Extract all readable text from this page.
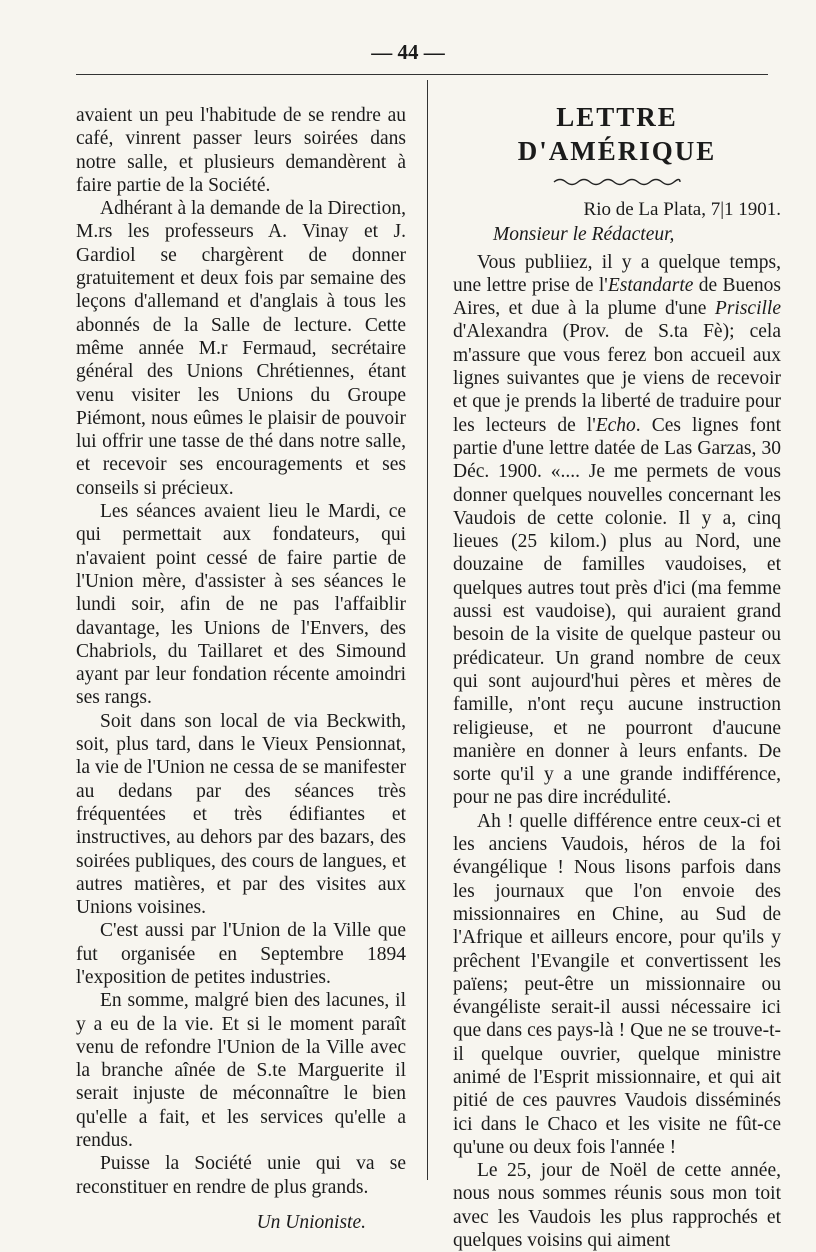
— 44 —

avaient un peu l'habitude de se rendre au café, vinrent passer leurs soirées dans notre salle, et plusieurs demandèrent à faire partie de la Société.

Adhérant à la demande de la Direction, M.rs les professeurs A. Vinay et J. Gardiol se chargèrent de donner gratuitement et deux fois par semaine des leçons d'allemand et d'anglais à tous les abonnés de la Salle de lecture. Cette même année M.r Fermaud, secrétaire général des Unions Chrétiennes, étant venu visiter les Unions du Groupe Piémont, nous eûmes le plaisir de pouvoir lui offrir une tasse de thé dans notre salle, et recevoir ses encouragements et ses conseils si précieux.

Les séances avaient lieu le Mardi, ce qui permettait aux fondateurs, qui n'avaient point cessé de faire partie de l'Union mère, d'assister à ses séances le lundi soir, afin de ne pas l'affaiblir davantage, les Unions de l'Envers, des Chabriols, du Taillaret et des Simound ayant par leur fondation récente amoindri ses rangs.

Soit dans son local de via Beckwith, soit, plus tard, dans le Vieux Pensionnat, la vie de l'Union ne cessa de se manifester au dedans par des séances très fréquentées et très édifiantes et instructives, au dehors par des bazars, des soirées publiques, des cours de langues, et autres matières, et par des visites aux Unions voisines.

C'est aussi par l'Union de la Ville que fut organisée en Septembre 1894 l'exposition de petites industries.

En somme, malgré bien des lacunes, il y a eu de la vie. Et si le moment paraît venu de refondre l'Union de la Ville avec la branche aînée de S.te Marguerite il serait injuste de méconnaître le bien qu'elle a fait, et les services qu'elle a rendus.

Puisse la Société unie qui va se reconstituer en rendre de plus grands.

Un Unioniste.
LETTRE D'AMÉRIQUE
Rio de La Plata, 7|1 1901.
Monsieur le Rédacteur,

Vous publiiez, il y a quelque temps, une lettre prise de l'Estandarte de Buenos Aires, et due à la plume d'une Priscille d'Alexandra (Prov. de S.ta Fè); cela m'assure que vous ferez bon accueil aux lignes suivantes que je viens de recevoir et que je prends la liberté de traduire pour les lecteurs de l'Echo. Ces lignes font partie d'une lettre datée de Las Garzas, 30 Déc. 1900. «.... Je me permets de vous donner quelques nouvelles concernant les Vaudois de cette colonie. Il y a, cinq lieues (25 kilom.) plus au Nord, une douzaine de familles vaudoises, et quelques autres tout près d'ici (ma femme aussi est vaudoise), qui auraient grand besoin de la visite de quelque pasteur ou prédicateur. Un grand nombre de ceux qui sont aujourd'hui pères et mères de famille, n'ont reçu aucune instruction religieuse, et ne pourront d'aucune manière en donner à leurs enfants. De sorte qu'il y a une grande indifférence, pour ne pas dire incrédulité.

Ah ! quelle différence entre ceux-ci et les anciens Vaudois, héros de la foi évangélique ! Nous lisons parfois dans les journaux que l'on envoie des missionnaires en Chine, au Sud de l'Afrique et ailleurs encore, pour qu'ils y prêchent l'Evangile et convertissent les païens; peut-être un missionnaire ou évangéliste serait-il aussi nécessaire ici que dans ces pays-là ! Que ne se trouve-t-il quelque ouvrier, quelque ministre animé de l'Esprit missionnaire, et qui ait pitié de ces pauvres Vaudois disséminés ici dans le Chaco et les visite ne fût-ce qu'une ou deux fois l'année !

Le 25, jour de Noël de cette année, nous nous sommes réunis sous mon toit avec les Vaudois les plus rapprochés et quelques voisins qui aiment
